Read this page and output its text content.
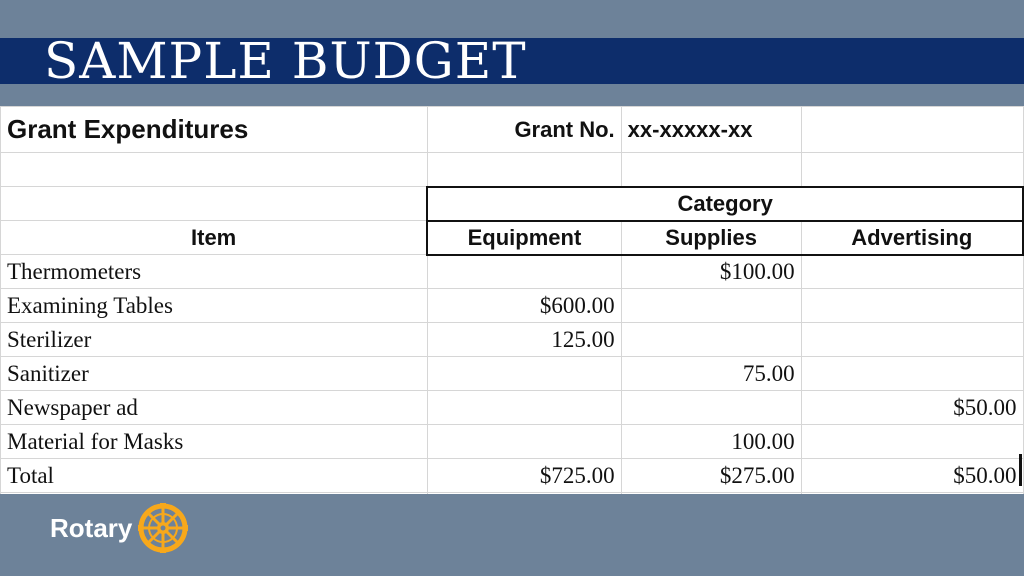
SAMPLE BUDGET
Grant Expenditures	Grant No.	xx-xxxxx-xx	

	Category		
Item	Equipment	Supplies	Advertising
Thermometers		$100.00	
Examining Tables	$600.00		
Sterilizer	125.00		
Sanitizer		75.00	
Newspaper ad			$50.00
Material for Masks		100.00	
Total	$725.00	$275.00	$50.00

Rotary
